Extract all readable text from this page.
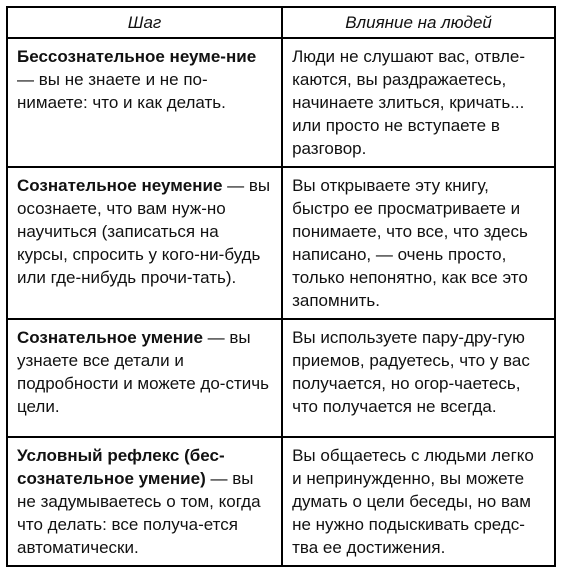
Шаг	Влияние на людей
Бессознательное неуме-ние — вы не знаете и не по-нимаете: что и как делать.	Люди не слушают вас, отвле-каются, вы раздражаетесь, начинаете злиться, кричать... или просто не вступаете в разговор.
Сознательное неумение — вы осознаете, что вам нуж-но научиться (записаться на курсы, спросить у кого-ни-будь или где-нибудь прочи-тать).	Вы открываете эту книгу, быстро ее просматриваете и понимаете, что все, что здесь написано, — очень просто, только непонятно, как все это запомнить.
Сознательное умение — вы узнаете все детали и подробности и можете до-стичь цели.	Вы используете пару-дру-гую приемов, радуетесь, что у вас получается, но огор-чаетесь, что получается не всегда.
Условный рефлекс (бес-сознательное умение) — вы не задумываетесь о том, когда что делать: все получа-ется автоматически.	Вы общаетесь с людьми легко и непринужденно, вы можете думать о цели беседы, но вам не нужно подыскивать средс-тва ее достижения.
